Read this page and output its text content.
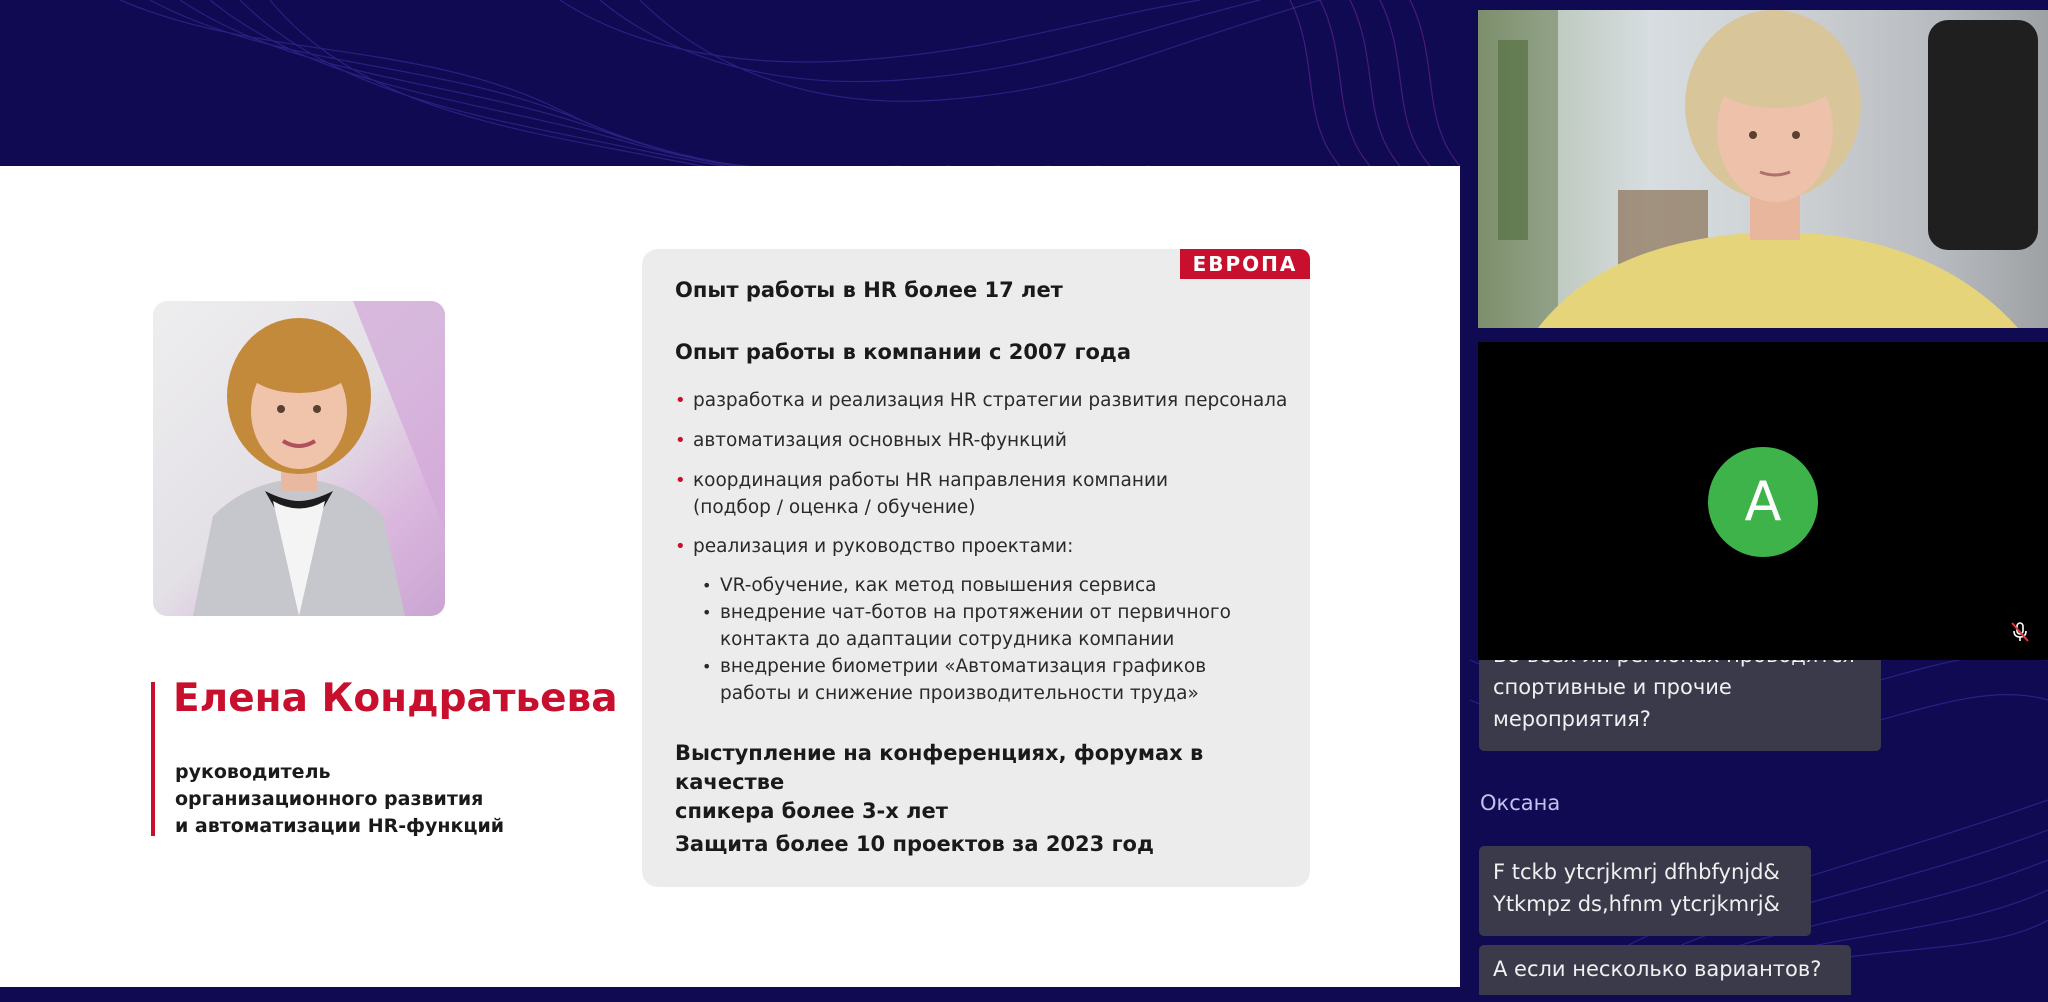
Елена Кондратьева
руководитель
организационного развития
и автоматизации HR-функций
ЕВРОПА
Опыт работы в HR более 17 лет
Опыт работы в компании с 2007 года
• разработка и реализация HR стратегии развития персонала
• автоматизация основных HR-функций
• координация работы HR направления компании
(подбор / оценка / обучение)
• реализация и руководство проектами:
• VR-обучение, как метод повышения сервиса
• внедрение чат-ботов на протяжении от первичного
контакта до адаптации сотрудника компании
• внедрение биометрии «Автоматизация графиков
работы и снижение производительности труда»
Выступление на конференциях, форумах в качестве
спикера более 3-х лет
Защита более 10 проектов за 2023 год
спортивные и прочие
мероприятия?
Оксана
F tckb ytcrjkmrj dfhbfynjd&
Ytkmpz ds,hfnm ytcrjkmrj&
А если несколько вариантов?
A
